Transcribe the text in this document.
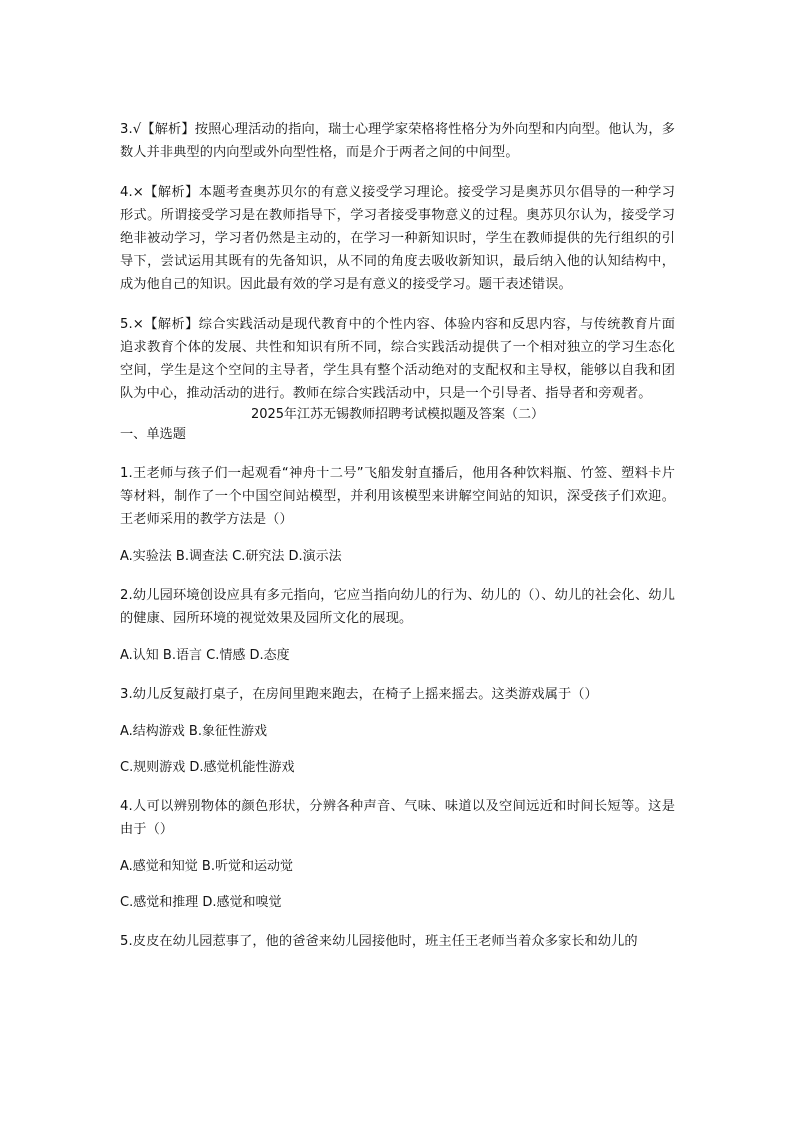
3.√【解析】按照心理活动的指向，瑞士心理学家荣格将性格分为外向型和内向型。他认为，多数人并非典型的内向型或外向型性格，而是介于两者之间的中间型。

4.×【解析】本题考查奥苏贝尔的有意义接受学习理论。接受学习是奥苏贝尔倡导的一种学习形式。所谓接受学习是在教师指导下，学习者接受事物意义的过程。奥苏贝尔认为，接受学习绝非被动学习，学习者仍然是主动的，在学习一种新知识时，学生在教师提供的先行组织的引导下，尝试运用其既有的先备知识，从不同的角度去吸收新知识，最后纳入他的认知结构中，成为他自己的知识。因此最有效的学习是有意义的接受学习。题干表述错误。

5.×【解析】综合实践活动是现代教育中的个性内容、体验内容和反思内容，与传统教育片面追求教育个体的发展、共性和知识有所不同，综合实践活动提供了一个相对独立的学习生态化空间，学生是这个空间的主导者，学生具有整个活动绝对的支配权和主导权，能够以自我和团队为中心，推动活动的进行。教师在综合实践活动中，只是一个引导者、指导者和旁观者。

2025年江苏无锡教师招聘考试模拟题及答案（二）

一、单选题

1.王老师与孩子们一起观看“神舟十二号”飞船发射直播后，他用各种饮料瓶、竹签、塑料卡片等材料，制作了一个中国空间站模型，并利用该模型来讲解空间站的知识，深受孩子们欢迎。王老师采用的教学方法是（）

A.实验法 B.调查法 C.研究法 D.演示法

2.幼儿园环境创设应具有多元指向，它应当指向幼儿的行为、幼儿的（）、幼儿的社会化、幼儿的健康、园所环境的视觉效果及园所文化的展现。

A.认知 B.语言 C.情感 D.态度

3.幼儿反复敲打桌子，在房间里跑来跑去，在椅子上摇来摇去。这类游戏属于（）

A.结构游戏 B.象征性游戏

C.规则游戏 D.感觉机能性游戏

4.人可以辨别物体的颜色形状，分辨各种声音、气味、味道以及空间远近和时间长短等。这是由于（）

A.感觉和知觉 B.听觉和运动觉

C.感觉和推理 D.感觉和嗅觉

5.皮皮在幼儿园惹事了，他的爸爸来幼儿园接他时，班主任王老师当着众多家长和幼儿的
